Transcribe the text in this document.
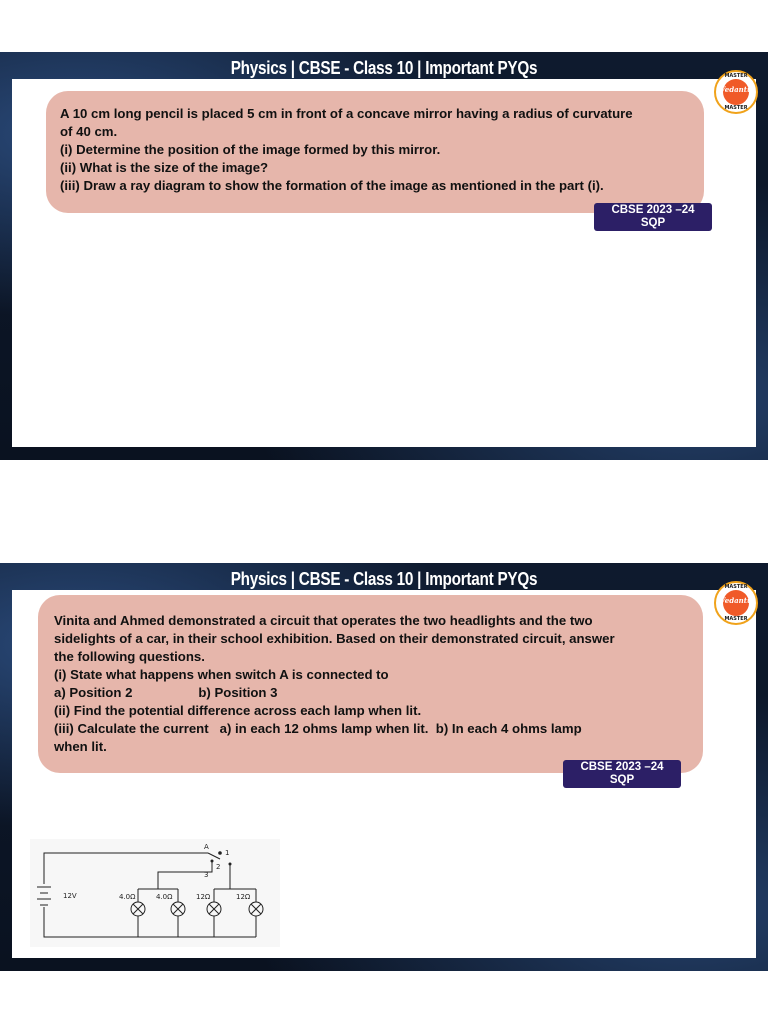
Physics | CBSE - Class 10 | Important PYQs
A 10 cm long pencil is placed 5 cm in front of a concave mirror having a radius of curvature
of 40 cm.
(i) Determine the position of the image formed by this mirror.
(ii) What is the size of the image?
(iii) Draw a ray diagram to show the formation of the image as mentioned in the part (i).
CBSE 2023 –24
SQP
MASTER
Vedantu
MASTER
Physics | CBSE - Class 10 | Important PYQs
Vinita and Ahmed demonstrated a circuit that operates the two headlights and the two
sidelights of a car, in their school exhibition. Based on their demonstrated circuit, answer
the following questions.
(i) State what happens when switch A is connected to
a) Position 2                  b) Position 3
(ii) Find the potential difference across each lamp when lit.
(iii) Calculate the current   a) in each 12 ohms lamp when lit.  b) In each 4 ohms lamp
when lit.
CBSE 2023 –24
SQP
MASTER
Vedantu
MASTER
A
1
2
3
12V	4.0Ω	4.0Ω	12Ω	12Ω
